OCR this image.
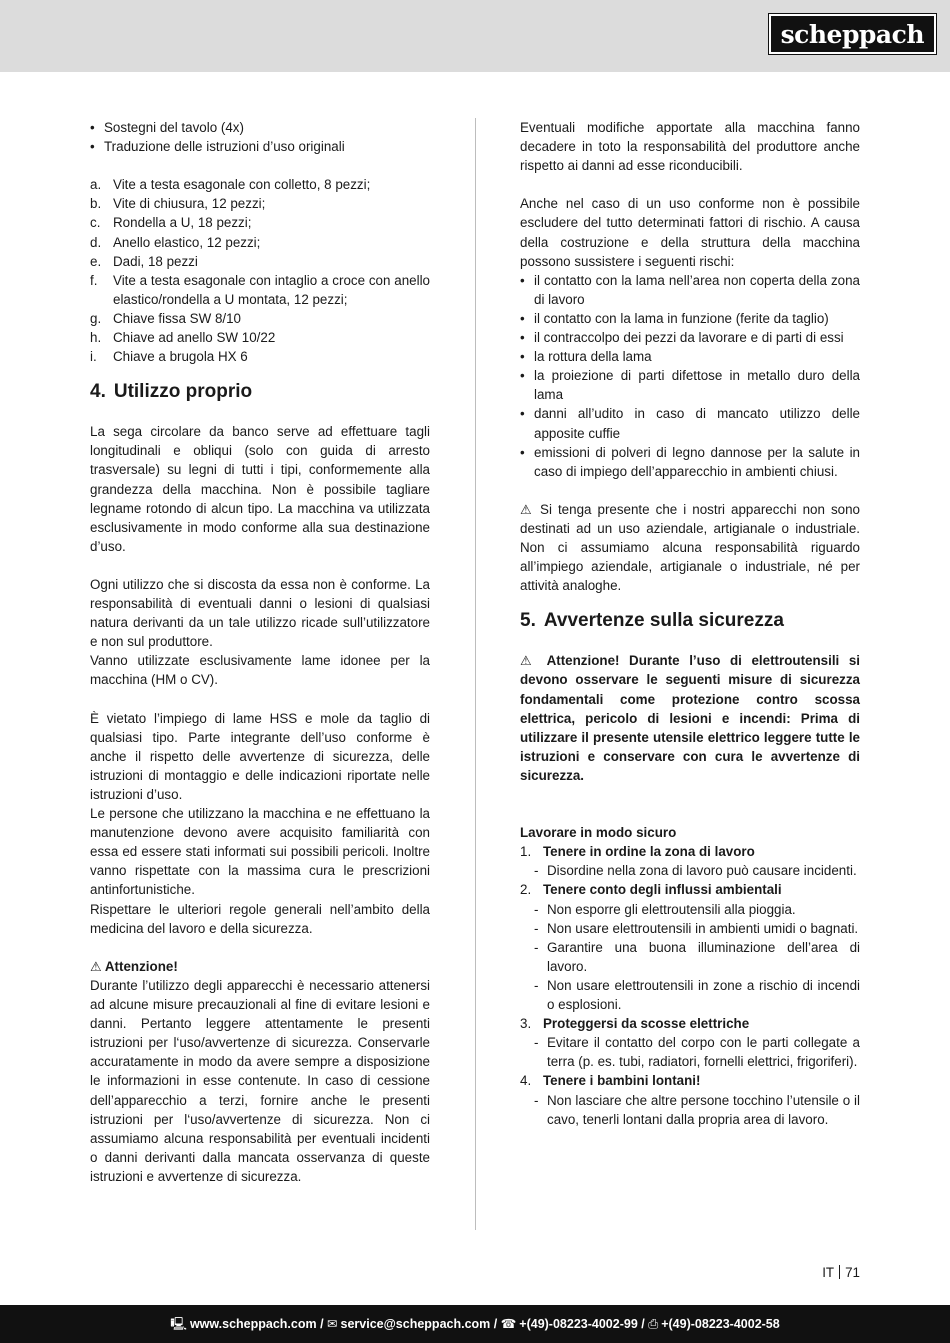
scheppach
• Sostegni del tavolo (4x)
• Traduzione delle istruzioni d’uso originali
a. Vite a testa esagonale con colletto, 8 pezzi;
b. Vite di chiusura, 12 pezzi;
c. Rondella a U, 18 pezzi;
d. Anello elastico, 12 pezzi;
e. Dadi, 18 pezzi
f.	Vite a testa esagonale con intaglio a croce con anello elastico/rondella a U montata, 12 pezzi;
g. Chiave fissa SW 8/10
h. Chiave ad anello SW 10/22
i.	Chiave a brugola HX 6
4. Utilizzo proprio
La sega circolare da banco serve ad effettuare tagli longitudinali e obliqui (solo con guida di arresto trasversale) su legni di tutti i tipi, conformemente alla grandezza della macchina. Non è possibile tagliare legname rotondo di alcun tipo. La macchina va utilizzata esclusivamente in modo conforme alla sua destinazione d’uso.
Ogni utilizzo che si discosta da essa non è conforme. La responsabilità di eventuali danni o lesioni di qualsiasi natura derivanti da un tale utilizzo ricade sull’utilizzatore e non sul produttore.
Vanno utilizzate esclusivamente lame idonee per la macchina (HM o CV).
È vietato l’impiego di lame HSS e mole da taglio di qualsiasi tipo. Parte integrante dell’uso conforme è anche il rispetto delle avvertenze di sicurezza, delle istruzioni di montaggio e delle indicazioni riportate nelle istruzioni d’uso.
Le persone che utilizzano la macchina e ne effettuano la manutenzione devono avere acquisito familiarità con essa ed essere stati informati sui possibili pericoli. Inoltre vanno rispettate con la massima cura le prescrizioni antinfortunistiche.
Rispettare le ulteriori regole generali nell’ambito della medicina del lavoro e della sicurezza.
⚠ Attenzione!
Durante l’utilizzo degli apparecchi è necessario attenersi ad alcune misure precauzionali al fine di evitare lesioni e danni. Pertanto leggere attentamente le presenti istruzioni per l‘uso/avvertenze di sicurezza. Conservarle accuratamente in modo da avere sempre a disposizione le informazioni in esse contenute. In caso di cessione dell’apparecchio a terzi, fornire anche le presenti istruzioni per l‘uso/avvertenze di sicurezza. Non ci assumiamo alcuna responsabilità per eventuali incidenti o danni derivanti dalla mancata osservanza di queste istruzioni e avvertenze di sicurezza.
Eventuali modifiche apportate alla macchina fanno decadere in toto la responsabilità del produttore anche rispetto ai danni ad esse riconducibili.
Anche nel caso di un uso conforme non è possibile escludere del tutto determinati fattori di rischio. A causa della costruzione e della struttura della macchina possono sussistere i seguenti rischi:
• il contatto con la lama nell’area non coperta della zona di lavoro
• il contatto con la lama in funzione (ferite da taglio)
• il contraccolpo dei pezzi da lavorare e di parti di essi
• la rottura della lama
• la proiezione di parti difettose in metallo duro della lama
• danni all’udito in caso di mancato utilizzo delle apposite cuffie
• emissioni di polveri di legno dannose per la salute in caso di impiego dell’apparecchio in ambienti chiusi.
⚠ Si tenga presente che i nostri apparecchi non sono destinati ad un uso aziendale, artigianale o industriale. Non ci assumiamo alcuna responsabilità riguardo all’impiego aziendale, artigianale o industriale, né per attività analoghe.
5. Avvertenze sulla sicurezza
⚠ Attenzione! Durante l’uso di elettroutensili si devono osservare le seguenti misure di sicurezza fondamentali come protezione contro scossa elettrica, pericolo di lesioni e incendi: Prima di utilizzare il presente utensile elettrico leggere tutte le istruzioni e conservare con cura le avvertenze di sicurezza.
Lavorare in modo sicuro
1. Tenere in ordine la zona di lavoro
- Disordine nella zona di lavoro può causare incidenti.
2. Tenere conto degli influssi ambientali
- Non esporre gli elettroutensili alla pioggia.
- Non usare elettroutensili in ambienti umidi o bagnati.
- Garantire una buona illuminazione dell’area di lavoro.
- Non usare elettroutensili in zone a rischio di incendi o esplosioni.
3. Proteggersi da scosse elettriche
- Evitare il contatto del corpo con le parti collegate a terra (p. es. tubi, radiatori, fornelli elettrici, frigoriferi).
4. Tenere i bambini lontani!
- Non lasciare che altre persone tocchino l’utensile o il cavo, tenerli lontani dalla propria area di lavoro.
IT 71
🖳 www.scheppach.com / ✉ service@scheppach.com / ☎ +(49)-08223-4002-99 / ⎙ +(49)-08223-4002-58
